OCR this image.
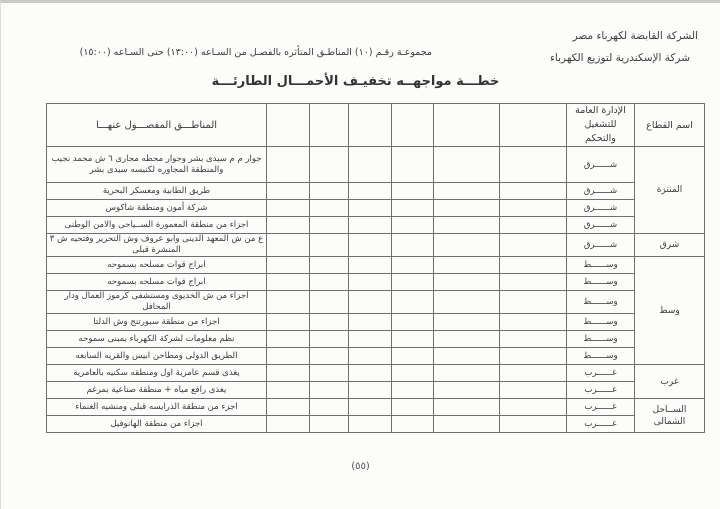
الشركة القابضة لكهرباء مصر
شركة الإسكندرية لتوزيع الكهرباء
مجموعـة رقـم (١٠) المناطـق المتأثره بالفصـل من السـاعه (١٣:٠٠) حتى السـاعه (١٥:٠٠)
خطـــة مواجهــه تخفيـف الأحمـــال الطارئـــة
اسم القطاع	الإدارة العامة
للتشغيل والتحكم							المناطـــق المفصـــول عنهـــا
المنتزة	شــــــرق							جوار م م سيدى بشر وجوار محطه مجارى ٦ ش محمد نجيب والمنطقة المجاوره لكنيسه سيدى بشر
	شــــــرق							طريق الطابية ومعسكر البحرية
	شــــــرق							شركة أمون ومنطقة شاكوس
	شــــــرق							اجزاء من منطقة المعمورة الســياحى والامن الوطنى
شرق	شــــــرق							ع من ش المعهد الدينى وابو عروف وش التحرير وفتحيه ش ٣ المنشرة قبلى
وسط	وســــــط							ابراج قوات مسلحه بسموحه
	وســــــط							ابراج قوات مسلحه بسموحه
	وســــــط							اجزاء من ش الخديوى ومستشفى كرموز العمال ودار المحافل
	وســــــط							اجزاء من منطقة سبورتنج وش الدلتا
	وســــــط							نظم معلومات لشركة الكهرباء بمبنى سموحه
	وســــــط							الطريق الدولى ومطاحن ابيس والقريه السابعه
غرب	غــــــرب							يغذى قسم عامرية اول ومنطقه سكنيه بالعامرية
	غــــــرب							يغذى رافع مياه + منطقة صناعية بمرغم
الســاحل الشمالى	غــــــرب							اجزء من منطقة الدرايسه قبلى ومنشيه الغنماء
	غــــــرب							اجزاء من منطقة الهانوفيل
(٥٥)
